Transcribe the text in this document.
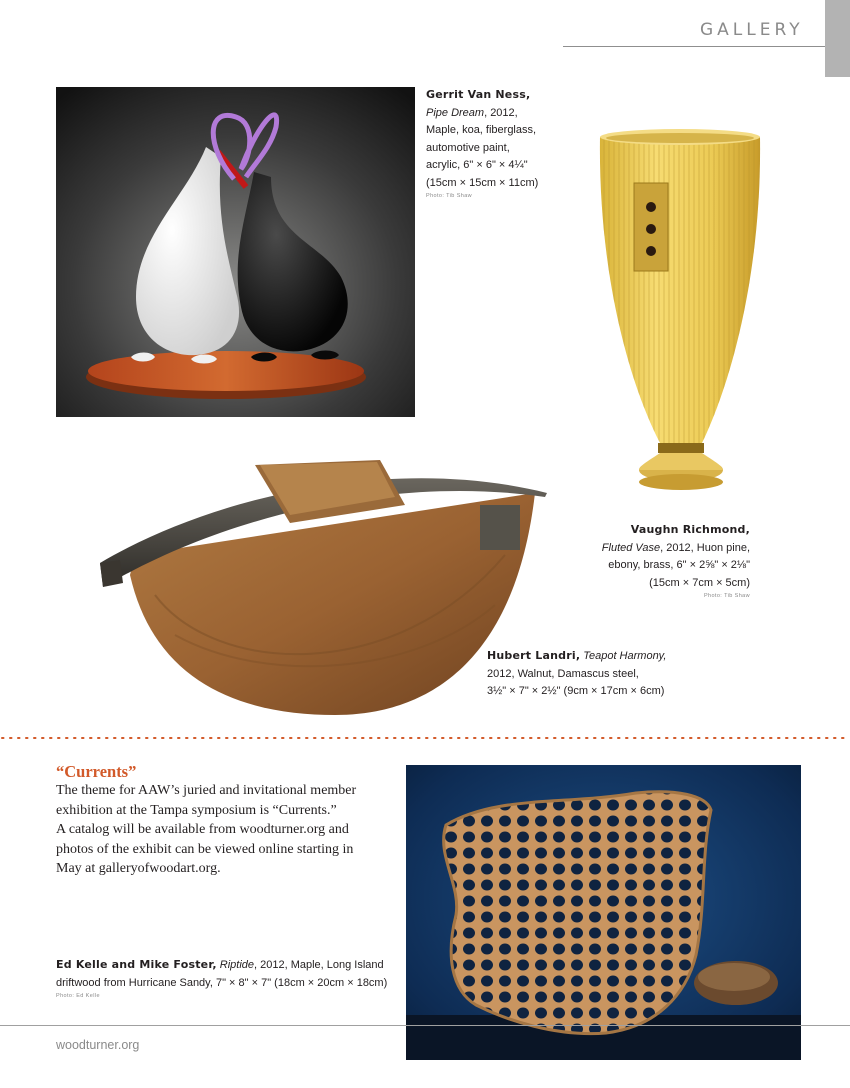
GALLERY
Gerrit Van Ness,
Pipe Dream, 2012,
Maple, koa, fiberglass,
automotive paint,
acrylic, 6" × 6" × 4¼"
(15cm × 15cm × 11cm)
Photo: Tib Shaw
Vaughn Richmond,
Fluted Vase, 2012, Huon pine,
ebony, brass, 6" × 2⅝" × 2⅛"
(15cm × 7cm × 5cm)
Photo: Tib Shaw
Hubert Landri, Teapot Harmony,
2012, Walnut, Damascus steel,
3½" × 7" × 2½" (9cm × 17cm × 6cm)
“Currents”
The theme for AAW’s juried and invitational member
exhibition at the Tampa symposium is “Currents.”
A catalog will be available from woodturner.org and
photos of the exhibit can be viewed online starting in
May at galleryofwoodart.org.
Ed Kelle and Mike Foster, Riptide, 2012, Maple, Long Island
driftwood from Hurricane Sandy, 7" × 8" × 7" (18cm × 20cm × 18cm)
Photo: Ed Kelle
woodturner.org
